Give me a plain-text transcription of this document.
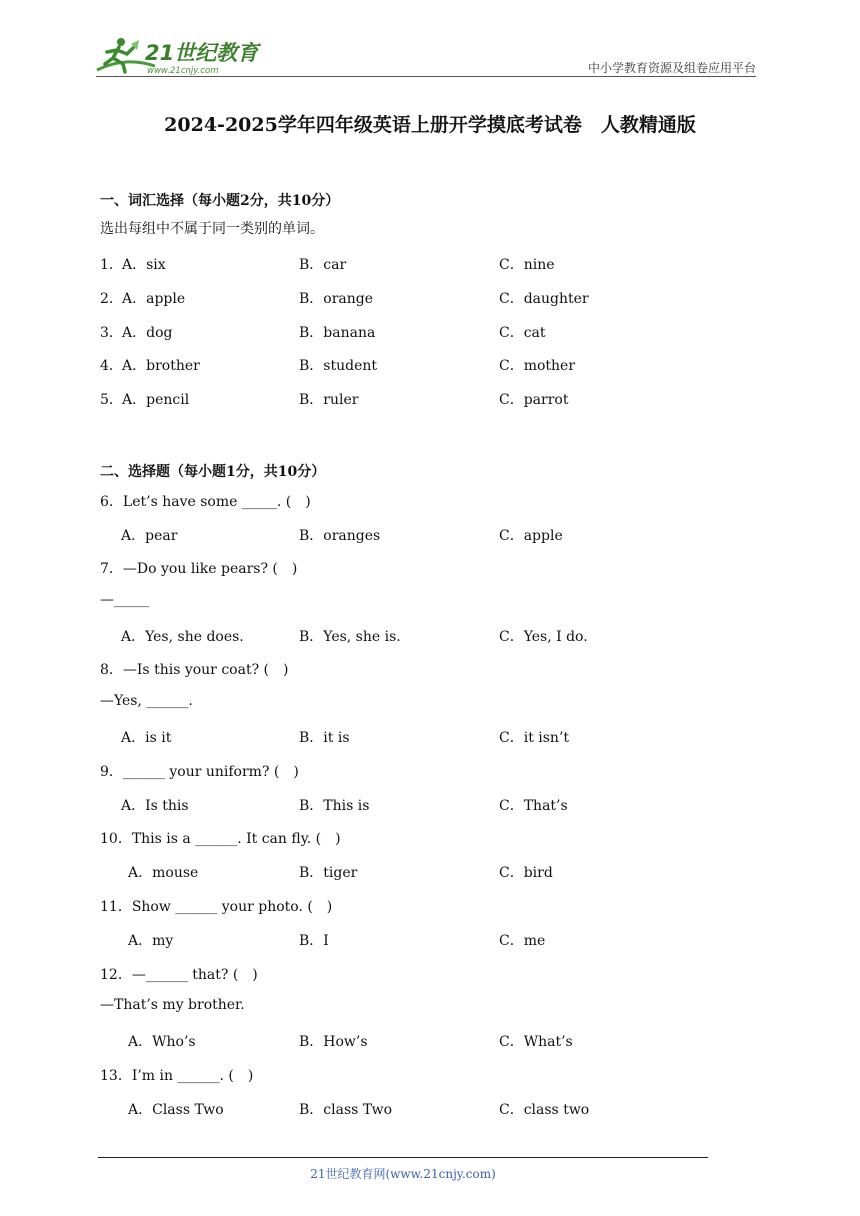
21世纪教育
www.21cnjy.com	中小学教育资源及组卷应用平台
2024-2025学年四年级英语上册开学摸底考试卷　人教精通版
一、词汇选择（每小题2分，共10分）
选出每组中不属于同一类别的单词。
1． A．six	B．car	C．nine
2． A．apple	B．orange	C．daughter
3． A．dog	B．banana	C．cat
4． A．brother	B．student	C．mother
5． A．pencil	B．ruler	C．parrot
二、选择题（每小题1分，共10分）
6．Let’s have some _____. (　)
A．pear	B．oranges	C．apple
7．—Do you like pears? (　)
—_____
A．Yes, she does.	B．Yes, she is.	C．Yes, I do.
8．—Is this your coat? (　)
—Yes, ______.
A．is it	B．it is	C．it isn’t
9．______ your uniform? (　)
A．Is this	B．This is	C．That’s
10．This is a ______. It can fly. (　)
A．mouse	B．tiger	C．bird
11．Show ______ your photo. (　)
A．my	B．I	C．me
12．—______ that? (　)
—That’s my brother.
A．Who’s	B．How’s	C．What’s
13．I’m in ______. (　)
A．Class Two	B．class Two	C．class two
21世纪教育网(www.21cnjy.com)
